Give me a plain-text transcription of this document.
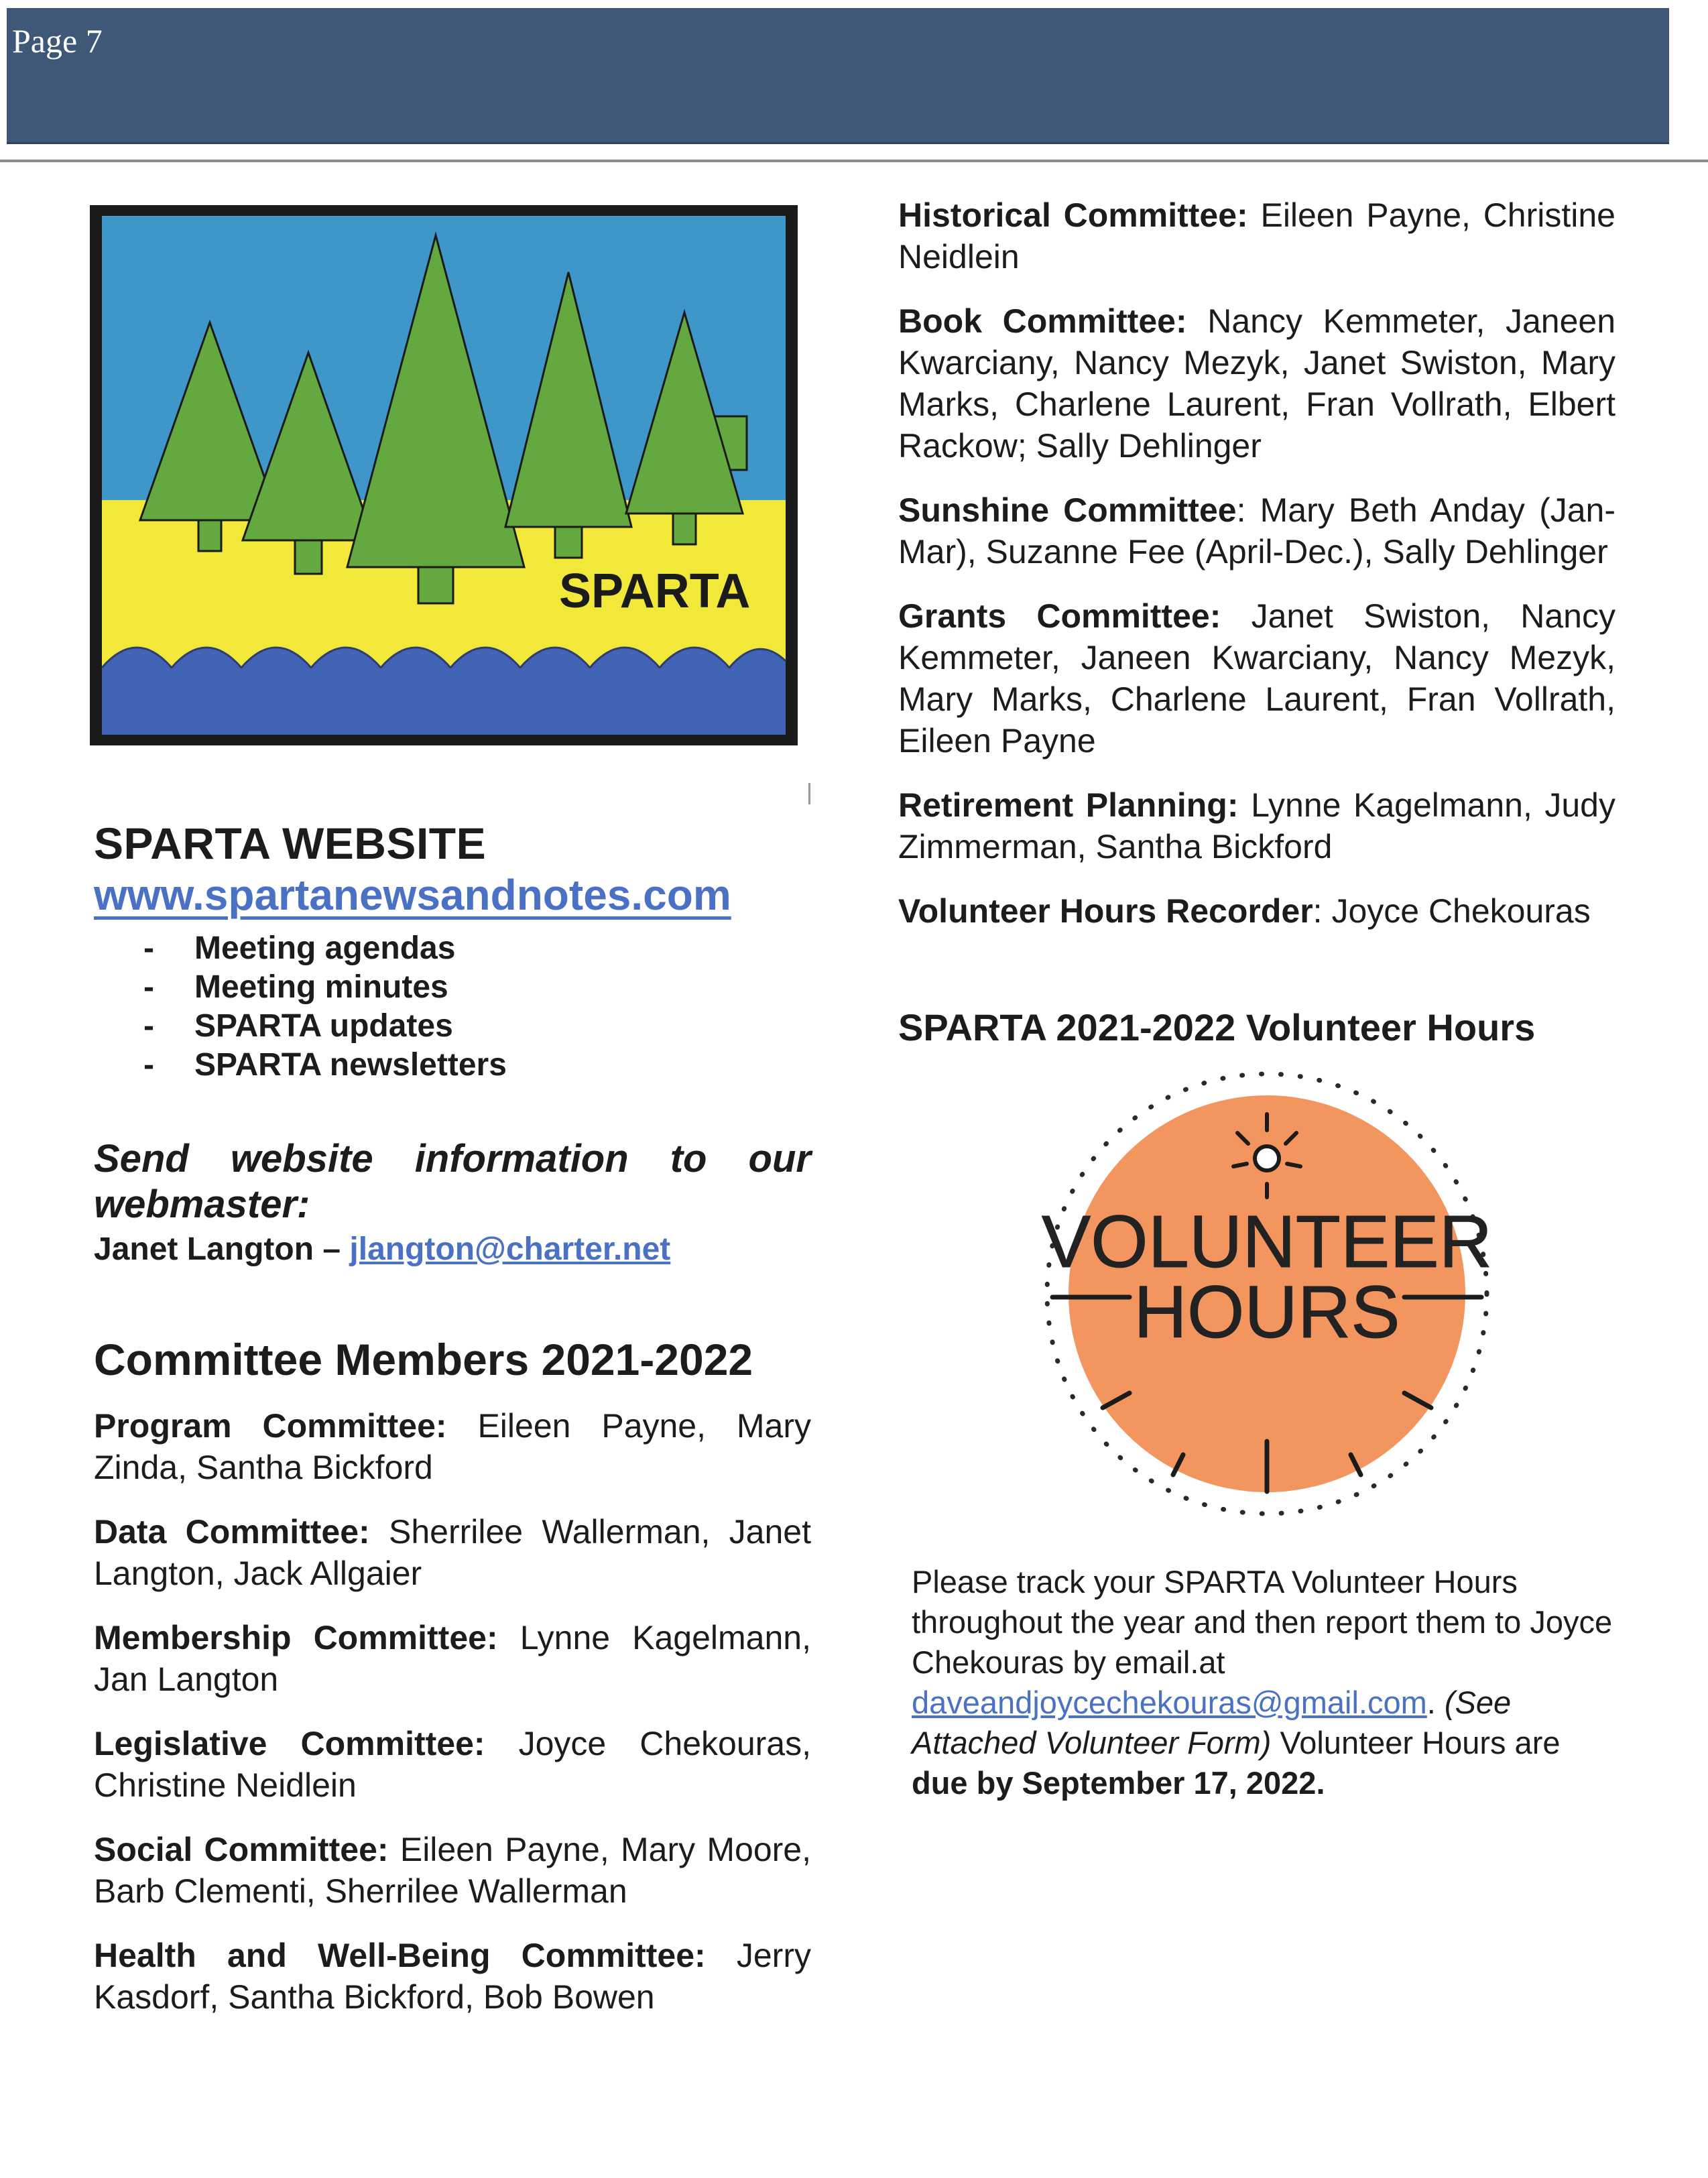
Page 7
SPARTA
SPARTA WEBSITE
www.spartanewsandnotes.com
- Meeting agendas
- Meeting minutes
- SPARTA updates
- SPARTA newsletters
Send website information to our
webmaster:
Janet Langton – jlangton@charter.net
Committee Members 2021-2022
Program Committee: Eileen Payne, Mary Zinda, Santha Bickford
Data Committee: Sherrilee Wallerman, Janet Langton, Jack Allgaier
Membership Committee: Lynne Kagelmann, Jan Langton
Legislative Committee: Joyce Chekouras, Christine Neidlein
Social Committee: Eileen Payne, Mary Moore, Barb Clementi, Sherrilee Wallerman
Health and Well-Being Committee: Jerry Kasdorf, Santha Bickford, Bob Bowen
Historical Committee: Eileen Payne, Christine Neidlein
Book Committee: Nancy Kemmeter, Janeen Kwarciany, Nancy Mezyk, Janet Swiston, Mary Marks, Charlene Laurent, Fran Vollrath, Elbert Rackow; Sally Dehlinger
Sunshine Committee: Mary Beth Anday (Jan-Mar), Suzanne Fee (April-Dec.), Sally Dehlinger
Grants Committee: Janet Swiston, Nancy Kemmeter, Janeen Kwarciany, Nancy Mezyk, Mary Marks, Charlene Laurent, Fran Vollrath, Eileen Payne
Retirement Planning: Lynne Kagelmann, Judy Zimmerman, Santha Bickford
Volunteer Hours Recorder: Joyce Chekouras
SPARTA 2021-2022 Volunteer Hours
VOLUNTEER
HOURS
Please track your SPARTA Volunteer Hours throughout the year and then report them to Joyce Chekouras by email.at daveandjoycechekouras@gmail.com. (See Attached Volunteer Form) Volunteer Hours are due by September 17, 2022.
